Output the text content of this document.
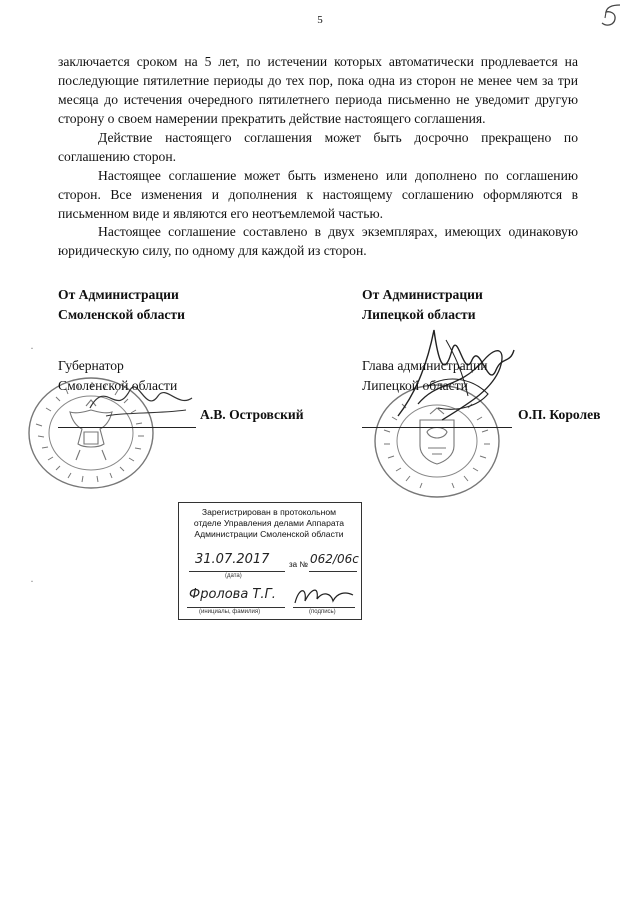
5

заключается сроком на 5 лет, по истечении которых автоматически продлевается на последующие пятилетние периоды до тех пор, пока одна из сторон не менее чем за три месяца до истечения очередного пятилетнего периода письменно не уведомит другую сторону о своем намерении прекратить действие настоящего соглашения.

Действие настоящего соглашения может быть досрочно прекращено по соглашению сторон.

Настоящее соглашение может быть изменено или дополнено по соглашению сторон. Все изменения и дополнения к настоящему соглашению оформляются в письменном виде и являются его неотъемлемой частью.

Настоящее соглашение составлено в двух экземплярах, имеющих одинаковую юридическую силу, по одному для каждой из сторон.

От Администрации
Смоленской области
От Администрации
Липецкой области
Губернатор
Смоленской области
Глава администрации
Липецкой области
А.В. Островский	О.П. Королев
Зарегистрирован в протокольном
отделе Управления делами Аппарата
Администрации Смоленской области
31.07.2017
(дата)
за № 062/06с
Фролова Т.Г.
(инициалы, фамилия)	(подпись)
·
·
